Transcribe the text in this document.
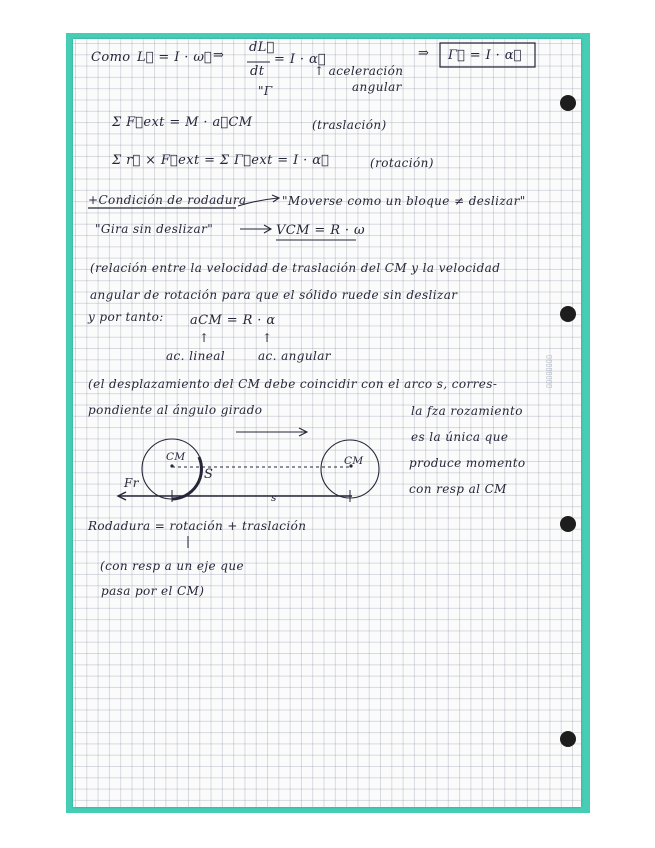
▯▯▯▯▯▯▯▯
Como L⃗ = I · ω⃗ ⇒
dL⃗
dt
= I · α⃗
↑ aceleración
angular
"Γ
⇒ Γ⃗ = I · α⃗
Σ F⃗ext = M · a⃗CM	(traslación)
Σ r⃗ × F⃗ext = Σ Γ⃗ext = I · α⃗	(rotación)
+Condición de rodadura	"Moverse como un bloque ≠ deslizar"
"Gira sin deslizar"	VCM = R · ω
(relación entre la velocidad de traslación del CM y la velocidad
angular de rotación para que el sólido ruede sin deslizar
y por tanto: aCM = R · α
↑	↑
ac. lineal	ac. angular
(el desplazamiento del CM debe coincidir con el arco s, corres-
pondiente al ángulo girado	la fza rozamiento
es la única que
produce momento
con resp al CM
CM	CM
Fr
S
s
Rodadura = rotación + traslación
(con resp a un eje que
pasa por el CM)
